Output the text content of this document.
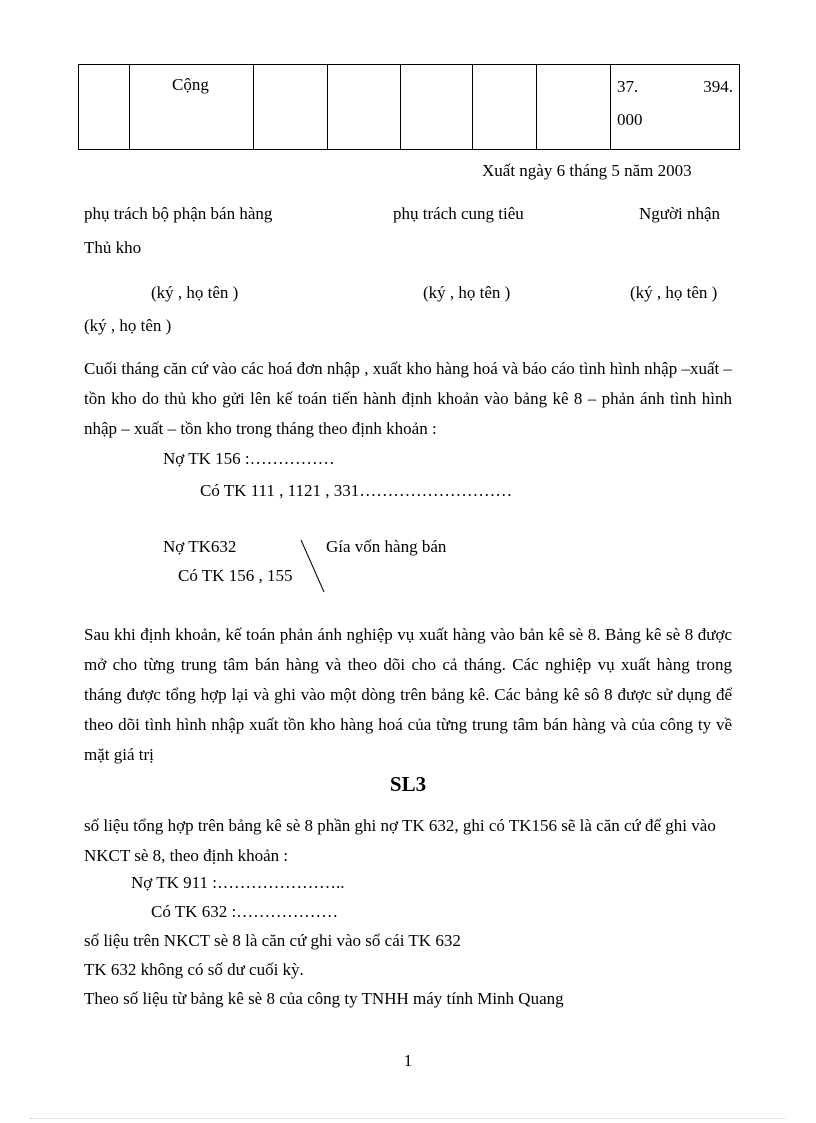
	Cộng						37.	394.
000
Xuất ngày 6 tháng 5 năm 2003
phụ trách bộ phận bán hàng	phụ trách cung tiêu	Người nhận
Thủ kho
(ký , họ tên )	(ký , họ tên )	(ký , họ tên )
(ký , họ tên )
Cuối tháng căn cứ vào các hoá đơn nhập , xuất kho hàng hoá và báo cáo tình hình nhập –xuất – tồn kho do thủ kho gửi lên kế toán tiến hành định khoản vào bảng kê 8 – phản ánh tình hình nhập – xuất – tồn kho trong tháng theo định khoản :
Nợ TK 156 :……………
Có TK 111 , 1121 , 331………………………
Nợ TK632
Có TK 156 , 155
Gía vốn hàng bán
Sau khi định khoản, kế toán phản ánh nghiệp vụ xuất hàng vào bản kê sè 8. Bảng kê sè 8 được mở cho từng trung tâm bán hàng và theo dõi cho cả tháng. Các nghiệp vụ xuất hàng trong tháng được tổng hợp lại và ghi vào một dòng trên bảng kê. Các bảng kê sô 8 được sử dụng để theo dõi tình hình nhập xuất tồn kho hàng hoá của từng trung tâm bán hàng và của công ty về mặt giá trị
SL3
số liệu tổng hợp trên bảng kê sè 8 phần ghi nợ TK 632, ghi có TK156 sẽ là căn cứ để ghi vào NKCT sè 8, theo định khoản :
Nợ TK 911 :…………………..
Có TK 632 :………………
số liệu trên NKCT sè 8 là căn cứ ghi vào sổ cái TK 632
TK 632 không có số dư cuối kỳ.
Theo số liệu từ bảng kê sè 8 của công ty TNHH máy tính Minh Quang
1
